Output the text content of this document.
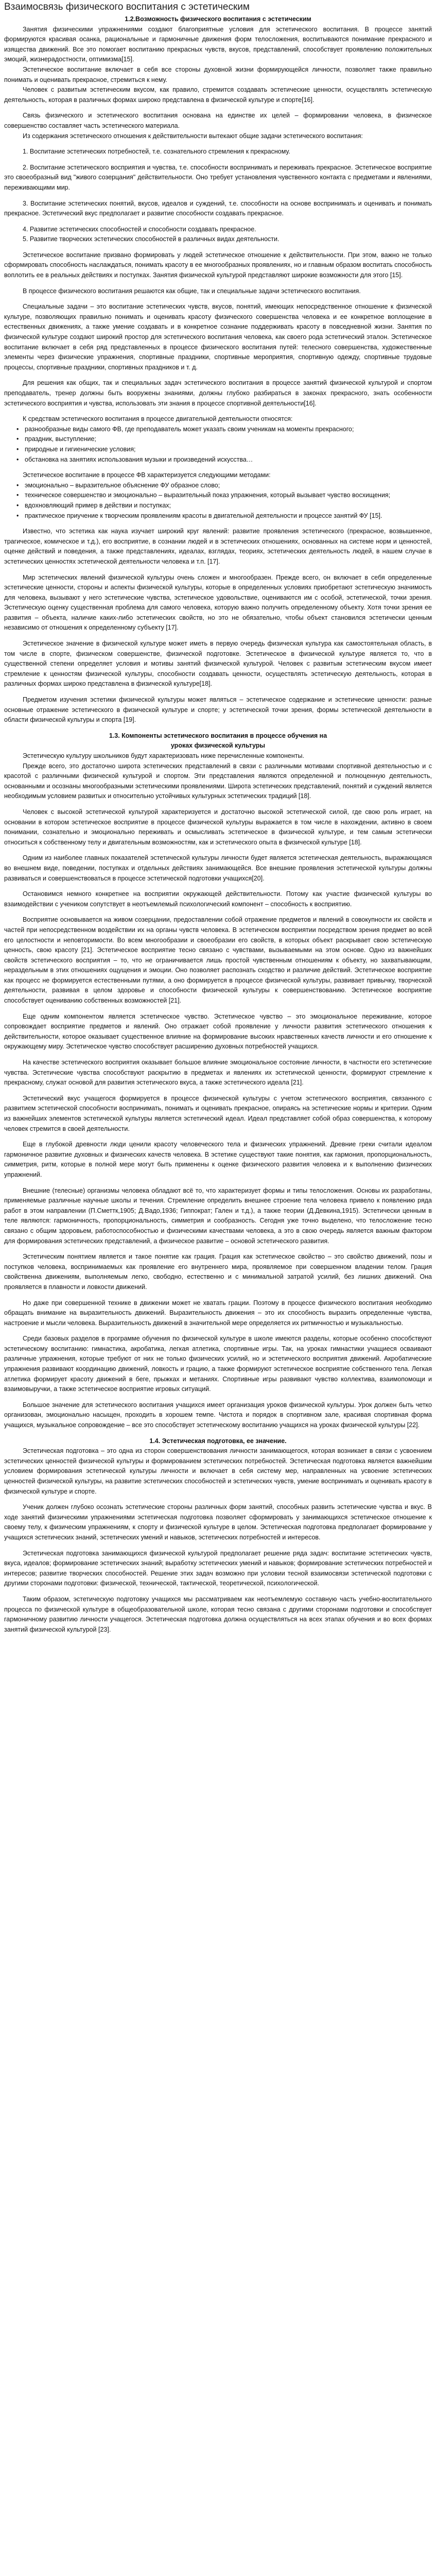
Взаимосвязь физического воспитания с эстетическим
1.2.Возможность физического воспитания с эстетическим

Занятия физическими упражнениями создают благоприятные условия для эстетического воспитания. В процессе занятий формируются красивая осанка, рациональные и гармоничные движения форм телосложения, воспитываются понимание прекрасного и изящества движений. Все это помогает воспитанию прекрасных чувств, вкусов, представлений, способствует проявлению положительных эмоций, жизнерадостности, оптимизма[15].

Эстетическое воспитание включает в себя все стороны духовной жизни формирующейся личности, позволяет также правильно понимать и оценивать прекрасное, стремиться к нему.

Человек с развитым эстетическим вкусом, как правило, стремится создавать эстетические ценности, осуществлять эстетическую деятельность, которая в различных формах широко представлена в физической культуре и спорте[16].

Связь физического и эстетического воспитания основана на единстве их целей – формировании человека, в физическое совершенство составляет часть эстетического материала.

Из содержания эстетического отношения к действительности вытекают общие задачи эстетического воспитания:

1. Воспитание эстетических потребностей, т.е. сознательного стремления к прекрасному.

2. Воспитание эстетического восприятия и чувства, т.е. способности воспринимать и переживать прекрасное. Эстетическое восприятие это своеобразный вид "живого созерцания" действительности. Оно требует установления чувственного контакта с предметами и явлениями, переживающими мир.

3. Воспитание эстетических понятий, вкусов, идеалов и суждений, т.е. способности на основе воспринимать и оценивать и понимать прекрасное. Эстетический вкус предполагает и развитие способности создавать прекрасное.

4. Развитие эстетических способностей и способности создавать прекрасное.

5. Развитие творческих эстетических способностей в различных видах деятельности.

Эстетическое воспитание призвано формировать у людей эстетическое отношение к действительности. При этом, важно не только сформировать способность наслаждаться, понимать красоту в ее многообразных проявлениях, но и главным образом воспитать способность воплотить ее в реальных действиях и поступках. Занятия физической культурой представляют широкие возможности для этого [15].

В процессе физического воспитания решаются как общие, так и специальные задачи эстетического воспитания.

Специальные задачи – это воспитание эстетических чувств, вкусов, понятий, имеющих непосредственное отношение к физической культуре, позволяющих правильно понимать и оценивать красоту физического совершенства человека и ее конкретное воплощение в естественных движениях, а также умение создавать и в конкретное сознание поддерживать красоту в повседневной жизни. Занятия по физической культуре создают широкий простор для эстетического воспитания человека, как своего рода эстетический эталон. Эстетическое воспитание включает в себя ряд представленных в процессе физического воспитания путей: телесного совершенства, художественные элементы через физические упражнения, спортивные праздники, спортивные мероприятия, спортивную одежду, спортивные трудовые процессы, спортивные праздники, спортивных праздников и т. д.

Для решения как общих, так и специальных задач эстетического воспитания в процессе занятий физической культурой и спортом преподаватель, тренер должны быть вооружены знаниями, должны глубоко разбираться в законах прекрасного, знать особенности эстетического восприятия и чувства, использовать эти знания в процессе спортивной деятельности[16].

К средствам эстетического воспитания в процессе двигательной деятельности относятся:

• разнообразные виды самого ФВ, где преподаватель может указать своим ученикам на моменты прекрасного;
• праздник, выступление;
• природные и гигиенические условия;
• обстановка на занятиях использования музыки и произведений искусства…

Эстетическое воспитание в процессе ФВ характеризуется следующими методами:

• эмоционально – выразительное объяснение ФУ образное слово;
• техническое совершенство и эмоционально – выразительный показ упражнения, который вызывает чувство восхищения;
• вдохновляющий пример в действии и поступках;
• практическое приучение к творческим проявлениям красоты в двигательной деятельности и процессе занятий ФУ [15].

Известно, что эстетика как наука изучает широкий круг явлений: развитие проявления эстетического (прекрасное, возвышенное, трагическое, комическое и т.д.), его восприятие, в сознании людей и в эстетических отношениях, основанных на системе норм и ценностей, оценке действий и поведения, а также представлениях, идеалах, взглядах, теориях, эстетических деятельность людей, в нашем случае в эстетических ценностях эстетической деятельности человека и т.п. [17].

Мир эстетических явлений физической культуры очень сложен и многообразен. Прежде всего, он включает в себя определенные эстетические ценности, стороны и аспекты физической культуры, которые в определенных условиях приобретают эстетическую значимость для человека, вызывают у него эстетические чувства, эстетическое удовольствие, оцениваются им с особой, эстетической, точки зрения. Эстетическую оценку существенная проблема для самого человека, которую важно получить определенному объекту. Хотя точки зрения ее развития – объекта, наличие каких-либо эстетических свойств, но это не обязательно, чтобы объект становился эстетически ценным независимо от отношения к определенному субъекту [17].

Эстетическое значение в физической культуре может иметь в первую очередь физическая культура как самостоятельная область, в том числе в спорте, физическом совершенстве, физической подготовке. Эстетическое в физической культуре является то, что в существенной степени определяет условия и мотивы занятий физической культурой. Человек с развитым эстетическим вкусом имеет стремление к ценностям физической культуры, способности создавать ценности, осуществлять эстетическую деятельность, которая в различных формах широко представлена в физической культуре[18].

Предметом изучения эстетики физической культуры может являться – эстетическое содержание и эстетические ценности: разные основные отражение эстетического в физической культуре и спорте; у эстетической точки зрения, формы эстетической деятельности в области физической культуры и спорта [19].

1.3. Компоненты эстетического воспитания в процессе обучения на уроках физической культуры

Эстетическую культуру школьников будут характеризовать ниже перечисленные компоненты.

Прежде всего, это достаточно широта эстетических представлений в связи с различными мотивами спортивной деятельностью и с красотой с различными физической культурой и спортом. Эти представления являются определенной и полноценную деятельность, основанными и осознаны многообразными эстетическими проявлениями. Широта эстетических представлений, понятий и суждений является необходимым условием развитых и относительно устойчивых культурных эстетических традиций [18].

Человек с высокой эстетической культурой характеризуется и достаточно высокой эстетической силой, где свою роль играет, на основании в котором эстетическое восприятие в процессе физической культуры выражается в том числе в нахождении, активно в своем понимании, сознательно и эмоционально переживать и осмысливать эстетическое в физической культуре, и тем самым эстетически относиться к собственному телу и двигательным возможностям, как и эстетического опыта в физической культуре [18].

Одним из наиболее главных показателей эстетической культуры личности будет является эстетическая деятельность, выражающаяся во внешнем виде, поведении, поступках и отдельных действиях занимающейся. Все внешние проявления эстетической культуры должны развиваться и совершенствоваться в процессе эстетической подготовки учащихся[20].

Остановимся немного конкретнее на восприятии окружающей действительности. Потому как участие физической культуры во взаимодействии с учеником сопутствует в неотъемлемый психологический компонент – способность к восприятию.

Восприятие основывается на живом созерцании, предоставлении собой отражение предметов и явлений в совокупности их свойств и частей при непосредственном воздействии их на органы чувств человека. В эстетическом восприятии посредством зрения предмет во всей его целостности и неповторимости. Во всем многообразии и своеобразии его свойств, в которых объект раскрывает свою эстетическую ценность, свою красоту [21]. Эстетическое восприятие тесно связано с чувствами, вызываемыми на этом основе. Одно из важнейших свойств эстетического восприятия – то, что не ограничивается лишь простой чувственным отношениям к объекту, но захватывающим, нераздельным в этих отношениях ощущения и эмоции. Оно позволяет распознать сходство и различие действий. Эстетическое восприятие как процесс не формируется естественными путями, а оно формируется в процессе физической культуры, развивает привычку, творческой деятельности, развивая в целом здоровье и способности физической культуры к совершенствованию. Эстетическое восприятие способствует оцениванию собственных возможностей [21].

Еще одним компонентом является эстетическое чувство. Эстетическое чувство – это эмоциональное переживание, которое сопровождает восприятие предметов и явлений. Оно отражает собой проявление у личности развития эстетического отношения к действительности, которое оказывает существенное влияние на формирование высоких нравственных качеств личности и его отношение к окружающему миру. Эстетическое чувство способствует расширению духовных потребностей учащихся.

На качестве эстетического восприятия оказывает большое влияние эмоциональное состояние личности, в частности его эстетические чувства. Эстетические чувства способствуют раскрытию в предметах и явлениях их эстетической ценности, формируют стремление к прекрасному, служат основой для развития эстетического вкуса, а также эстетического идеала [21].

Эстетический вкус учащегося формируется в процессе физической культуры с учетом эстетического восприятия, связанного с развитием эстетической способности воспринимать, понимать и оценивать прекрасное, опираясь на эстетические нормы и критерии. Одним из важнейших элементов эстетической культуры является эстетический идеал. Идеал представляет собой образ совершенства, к которому человек стремится в своей деятельности.

Еще в глубокой древности люди ценили красоту человеческого тела и физических упражнений. Древние греки считали идеалом гармоничное развитие духовных и физических качеств человека. В эстетике существуют такие понятия, как гармония, пропорциональность, симметрия, ритм, которые в полной мере могут быть применены к оценке физического развития человека и к выполнению физических упражнений.

Внешние (телесные) организмы человека обладают всё то, что характеризует формы и типы телосложения. Основы их разработаны, применяемые различные научные школы и течения. Стремление определить внешнее строение тела человека привело к появлению ряда работ в этом направлении (П.Сметтк,1905; Д.Вадо,1936; Гиппократ; Гален и т.д.), а также теории (Д.Девкина,1915). Эстетически ценным в теле являются: гармоничность, пропорциональность, симметрия и сообразность. Сегодня уже точно выделено, что телосложение тесно связано с общим здоровьем, работоспособностью и физическими качествами человека, а это в свою очередь является важным фактором для формирования эстетических представлений, а физическое развитие – основой эстетического развития.

Эстетическим понятием является и такое понятие как грация. Грация как эстетическое свойство – это свойство движений, позы и поступков человека, воспринимаемых как проявление его внутреннего мира, проявляемое при совершенном владении телом. Грация свойственна движениям, выполняемым легко, свободно, естественно и с минимальной затратой усилий, без лишних движений. Она проявляется в плавности и ловкости движений.

Но даже при совершенной технике в движении может не хватать грации. Поэтому в процессе физического воспитания необходимо обращать внимание на выразительность движений. Выразительность движения – это их способность выразить определенные чувства, настроение и мысли человека. Выразительность движений в значительной мере определяется их ритмичностью и музыкальностью.

Среди базовых разделов в программе обучения по физической культуре в школе имеются разделы, которые особенно способствуют эстетическому воспитанию: гимнастика, акробатика, легкая атлетика, спортивные игры. Так, на уроках гимнастики учащиеся осваивают различные упражнения, которые требуют от них не только физических усилий, но и эстетического восприятия движений. Акробатические упражнения развивают координацию движений, ловкость и грацию, а также формируют эстетическое восприятие собственного тела. Легкая атлетика формирует красоту движений в беге, прыжках и метаниях. Спортивные игры развивают чувство коллектива, взаимопомощи и взаимовыручки, а также эстетическое восприятие игровых ситуаций.

Большое значение для эстетического воспитания учащихся имеет организация уроков физической культуры. Урок должен быть четко организован, эмоционально насыщен, проходить в хорошем темпе. Чистота и порядок в спортивном зале, красивая спортивная форма учащихся, музыкальное сопровождение – все это способствует эстетическому воспитанию учащихся на уроках физической культуры [22].

1.4. Эстетическая подготовка, ее значение.

Эстетическая подготовка – это одна из сторон совершенствования личности занимающегося, которая возникает в связи с усвоением эстетических ценностей физической культуры и формированием эстетических потребностей. Эстетическая подготовка является важнейшим условием формирования эстетической культуры личности и включает в себя систему мер, направленных на усвоение эстетических ценностей физической культуры, на развитие эстетических способностей и эстетических чувств, умение воспринимать и оценивать красоту в физической культуре и спорте.

Ученик должен глубоко осознать эстетические стороны различных форм занятий, способных развить эстетические чувства и вкус. В ходе занятий физическими упражнениями эстетическая подготовка позволяет сформировать у занимающихся эстетическое отношение к своему телу, к физическим упражнениям, к спорту и физической культуре в целом. Эстетическая подготовка предполагает формирование у учащихся эстетических знаний, эстетических умений и навыков, эстетических потребностей и интересов.

Эстетическая подготовка занимающихся физической культурой предполагает решение ряда задач: воспитание эстетических чувств, вкуса, идеалов; формирование эстетических знаний; выработку эстетических умений и навыков; формирование эстетических потребностей и интересов; развитие творческих способностей. Решение этих задач возможно при условии тесной взаимосвязи эстетической подготовки с другими сторонами подготовки: физической, технической, тактической, теоретической, психологической.

Таким образом, эстетическую подготовку учащихся мы рассматриваем как неотъемлемую составную часть учебно-воспитательного процесса по физической культуре в общеобразовательной школе, которая тесно связана с другими сторонами подготовки и способствует гармоничному развитию личности учащегося. Эстетическая подготовка должна осуществляться на всех этапах обучения и во всех формах занятий физической культурой [23].
